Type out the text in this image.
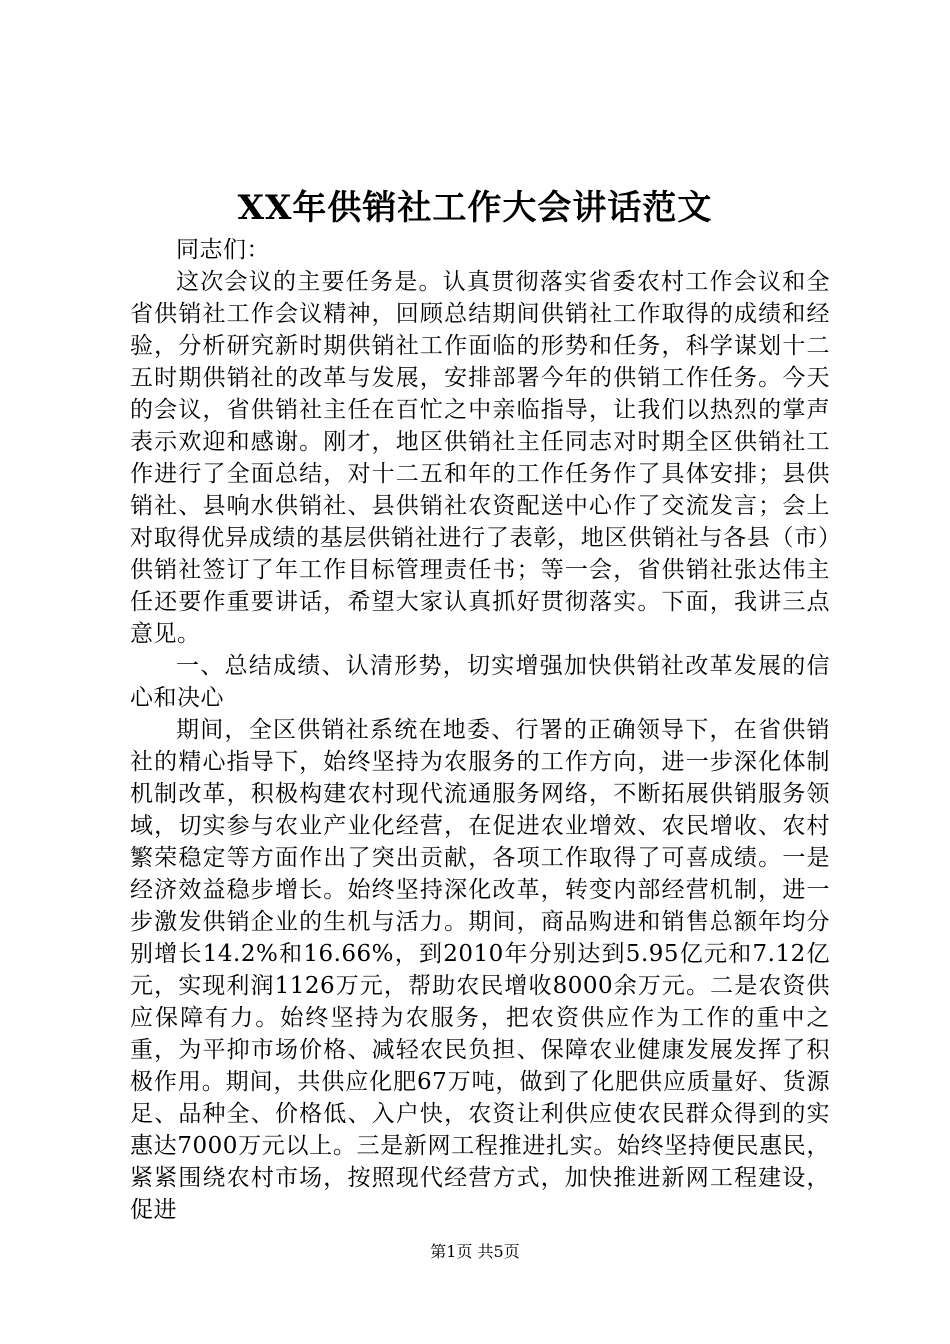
XX年供销社工作大会讲话范文

同志们：

这次会议的主要任务是。认真贯彻落实省委农村工作会议和全省供销社工作会议精神，回顾总结期间供销社工作取得的成绩和经验，分析研究新时期供销社工作面临的形势和任务，科学谋划十二五时期供销社的改革与发展，安排部署今年的供销工作任务。今天的会议，省供销社主任在百忙之中亲临指导，让我们以热烈的掌声表示欢迎和感谢。刚才，地区供销社主任同志对时期全区供销社工作进行了全面总结，对十二五和年的工作任务作了具体安排；县供销社、县响水供销社、县供销社农资配送中心作了交流发言；会上对取得优异成绩的基层供销社进行了表彰，地区供销社与各县（市）供销社签订了年工作目标管理责任书；等一会，省供销社张达伟主任还要作重要讲话，希望大家认真抓好贯彻落实。下面，我讲三点意见。

一、总结成绩、认清形势，切实增强加快供销社改革发展的信心和决心

期间，全区供销社系统在地委、行署的正确领导下，在省供销社的精心指导下，始终坚持为农服务的工作方向，进一步深化体制机制改革，积极构建农村现代流通服务网络，不断拓展供销服务领域，切实参与农业产业化经营，在促进农业增效、农民增收、农村繁荣稳定等方面作出了突出贡献，各项工作取得了可喜成绩。一是经济效益稳步增长。始终坚持深化改革，转变内部经营机制，进一步激发供销企业的生机与活力。期间，商品购进和销售总额年均分别增长14.2%和16.66%，到2010年分别达到5.95亿元和7.12亿元，实现利润1126万元，帮助农民增收8000余万元。二是农资供应保障有力。始终坚持为农服务，把农资供应作为工作的重中之重，为平抑市场价格、减轻农民负担、保障农业健康发展发挥了积极作用。期间，共供应化肥67万吨，做到了化肥供应质量好、货源足、品种全、价格低、入户快，农资让利供应使农民群众得到的实惠达7000万元以上。三是新网工程推进扎实。始终坚持便民惠民，紧紧围绕农村市场，按照现代经营方式，加快推进新网工程建设，促进

第1页 共5页
